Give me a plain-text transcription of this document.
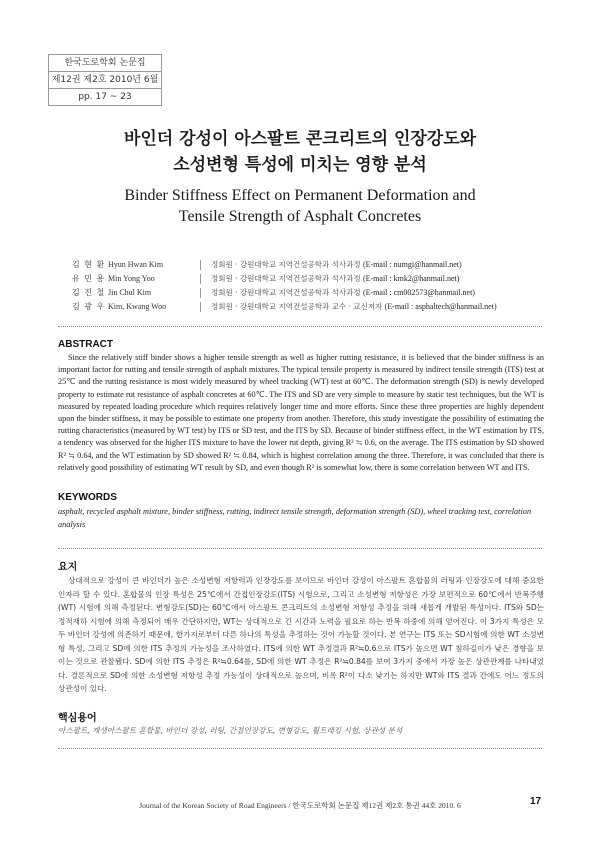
한국도로학회 논문집
제12권 제2호 2010년 6월
pp. 17 ~ 23
바인더 강성이 아스팔트 콘크리트의 인장강도와
소성변형 특성에 미치는 영향 분석
Binder Stiffness Effect on Permanent Deformation and
Tensile Strength of Asphalt Concretes
김 현 환 Hyun Hwan Kim	정회원 · 강원대학교 지역건설공학과 석사과정 (E-mail : numgi@hanmail.net)
유 민 용 Min Yong Yoo	정회원 · 강원대학교 지역건설공학과 석사과정 (E-mail : kmk2@hanmail.net)
김 진 철 Jin Chul Kim	정회원 · 강원대학교 지역건설공학과 석사과정 (E-mail : cm002573@hanmail.net)
김 광 우 Kim, Kwang Woo	정회원 · 강원대학교 지역건설공학과 교수 · 교신저자 (E-mail : asphaltech@hanmail.net)
ABSTRACT

Since the relatively stiff binder shows a higher tensile strength as well as higher rutting resistance, it is believed that the binder stiffness is an important factor for rutting and tensile strength of asphalt mixtures. The typical tensile property is measured by indirect tensile strength (ITS) test at 25℃ and the rutting resistance is most widely measured by wheel tracking (WT) test at 60℃. The deformation strength (SD) is newly developed property to estimate rut resistance of asphalt concretes at 60℃. The ITS and SD are very simple to measure by static test techniques, but the WT is measured by repeated loading procedure which requires relatively longer time and more efforts. Since these three properties are highly dependent upon the binder stiffness, it may be possible to estimate one property from another. Therefore, this study investigate the possibility of estimating the rutting characteristics (measured by WT test) by ITS or SD test, and the ITS by SD. Because of binder stiffness effect, in the WT estimation by ITS, a tendency was observed for the higher ITS mixture to have the lower rut depth, giving R² ≒ 0.6, on the average. The ITS estimation by SD showed R² ≒ 0.64, and the WT estimation by SD showed R² ≒ 0.84, which is highest correlation among the three. Therefore, it was concluded that there is relatively good possibility of estimating WT result by SD, and even though R² is somewhat low, there is some correlation between WT and ITS.

KEYWORDS

asphalt, recycled asphalt mixture, binder stiffness, rutting, indirect tensile strength, deformation strength (SD), wheel tracking test, correlation analysis

요지

상대적으로 강성이 큰 바인더가 높은 소성변형 저항력과 인장강도를 보이므로 바인더 강성이 아스팔트 혼합물의 러팅과 인장강도에 대해 중요한 인자라 할 수 있다. 혼합물의 인장 특성은 25℃에서 간접인장강도(ITS) 시험으로, 그리고 소성변형 저항성은 가장 보편적으로 60℃에서 반복주행(WT) 시험에 의해 측정된다. 변형강도(SD)는 60℃에서 아스팔트 콘크리트의 소성변형 저항성 추정을 위해 새롭게 개발된 특성이다. ITS와 SD는 정적재하 시험에 의해 측정되어 매우 간단하지만, WT는 상대적으로 긴 시간과 노력을 필요로 하는 반복 하중에 의해 얻어진다. 이 3가지 특성은 모두 바인더 강성에 의존하기 때문에, 한가지로부터 다른 하나의 특성을 추정하는 것이 가능할 것이다. 본 연구는 ITS 또는 SD시험에 의한 WT 소성변형 특성, 그리고 SD에 의한 ITS 추정의 가능성을 조사하였다. ITS에 의한 WT 추정결과 R²≒0.6으로 ITS가 높으면 WT 침하깊이가 낮은 경향을 보이는 것으로 관찰됐다. SD에 의한 ITS 추정은 R²≒0.64를, SD에 의한 WT 추정은 R²≒0.84를 보여 3가지 중에서 가장 높은 상관관계를 나타내었다. 결론적으로 SD에 의한 소성변형 저항성 추정 가능성이 상대적으로 높으며, 비록 R²이 다소 낮기는 하지만 WT와 ITS 결과 간에도 어느 정도의 상관성이 있다.

핵심용어

아스팔트, 재생아스팔트 혼합물, 바인더 강성, 러팅, 간접인장강도, 변형강도, 휠트래킹 시험, 상관성 분석

Journal of the Korean Society of Road Engineers / 한국도로학회 논문집 제12권 제2호 통권 44호 2010. 6	17
